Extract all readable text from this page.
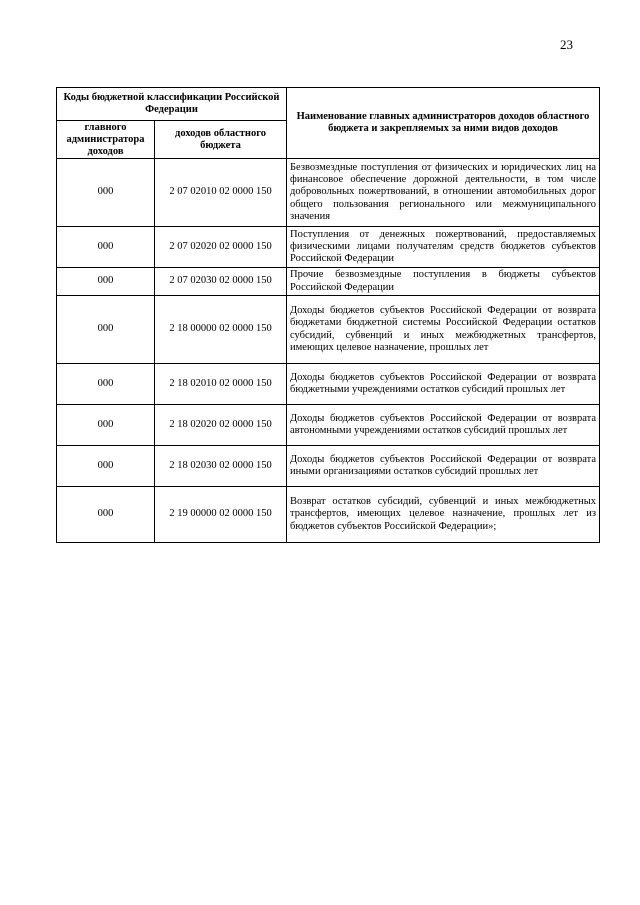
23
Коды бюджетной классификации Российской Федерации		Наименование главных администраторов доходов областного бюджета и закрепляемых за ними видов доходов
главного администратора доходов	доходов областного бюджета	
000	2 07 02010 02 0000 150	Безвозмездные поступления от физических и юридических лиц на финансовое обеспечение дорожной деятельности, в том числе добровольных пожертвований, в отношении автомобильных дорог общего пользования регионального или межмуниципального значения
000	2 07 02020 02 0000 150	Поступления от денежных пожертвований, предоставляемых физическими лицами получателям средств бюджетов субъектов Российской Федерации
000	2 07 02030 02 0000 150	Прочие безвозмездные поступления в бюджеты субъектов Российской Федерации
000	2 18 00000 02 0000 150	Доходы бюджетов субъектов Российской Федерации от возврата бюджетами бюджетной системы Российской Федерации остатков субсидий, субвенций и иных межбюджетных трансфертов, имеющих целевое назначение, прошлых лет
000	2 18 02010 02 0000 150	Доходы бюджетов субъектов Российской Федерации от возврата бюджетными учреждениями остатков субсидий прошлых лет
000	2 18 02020 02 0000 150	Доходы бюджетов субъектов Российской Федерации от возврата автономными учреждениями остатков субсидий прошлых лет
000	2 18 02030 02 0000 150	Доходы бюджетов субъектов Российской Федерации от возврата иными организациями остатков субсидий прошлых лет
000	2 19 00000 02 0000 150	Возврат остатков субсидий, субвенций и иных межбюджетных трансфертов, имеющих целевое назначение, прошлых лет из бюджетов субъектов Российской Федерации»;
